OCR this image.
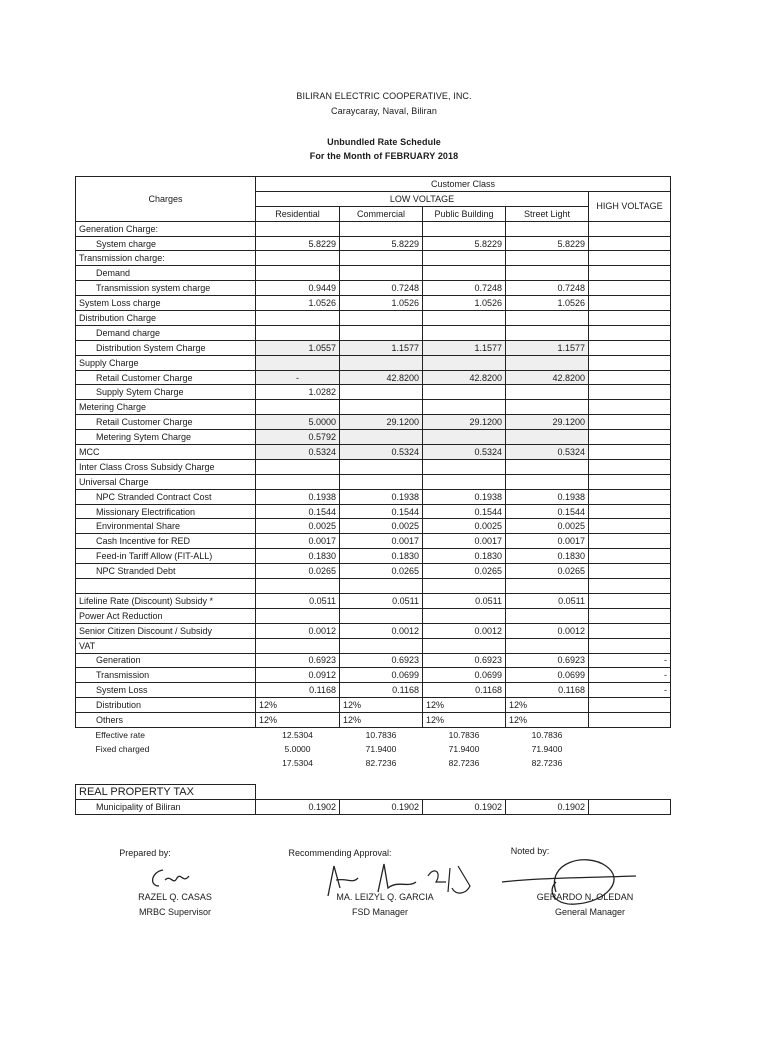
BILIRAN ELECTRIC COOPERATIVE, INC.
Caraycaray, Naval, Biliran
Unbundled Rate Schedule
For the Month of FEBRUARY 2018
Charges	Customer Class				
	LOW VOLTAGE				HIGH VOLTAGE
	Residential	Commercial	Public Building	Street Light	
Generation Charge:					
System charge	5.8229	5.8229	5.8229	5.8229	
Transmission charge:					
Demand					
Transmission system charge	0.9449	0.7248	0.7248	0.7248	
System Loss charge	1.0526	1.0526	1.0526	1.0526	
Distribution Charge					
Demand charge					
Distribution System Charge	1.0557	1.1577	1.1577	1.1577	
Supply Charge					
Retail Customer Charge	-	42.8200	42.8200	42.8200	
Supply Sytem Charge	1.0282				
Metering Charge					
Retail Customer Charge	5.0000	29.1200	29.1200	29.1200	
Metering Sytem Charge	0.5792				
MCC	0.5324	0.5324	0.5324	0.5324	
Inter Class Cross Subsidy Charge					
Universal Charge					
NPC Stranded Contract Cost	0.1938	0.1938	0.1938	0.1938	
Missionary Electrification	0.1544	0.1544	0.1544	0.1544	
Environmental Share	0.0025	0.0025	0.0025	0.0025	
Cash Incentive for RED	0.0017	0.0017	0.0017	0.0017	
Feed-in Tariff Allow (FIT-ALL)	0.1830	0.1830	0.1830	0.1830	
NPC Stranded Debt	0.0265	0.0265	0.0265	0.0265	

Lifeline Rate (Discount) Subsidy *	0.0511	0.0511	0.0511	0.0511	
Power Act Reduction					
Senior Citizen Discount / Subsidy	0.0012	0.0012	0.0012	0.0012	
VAT					
Generation	0.6923	0.6923	0.6923	0.6923	-
Transmission	0.0912	0.0699	0.0699	0.0699	-
System Loss	0.1168	0.1168	0.1168	0.1168	-
Distribution	12%	12%	12%	12%	
Others	12%	12%	12%	12%	
Effective rate	12.5304	10.7836	10.7836	10.7836	
Fixed charged	5.0000	71.9400	71.9400	71.9400	
	17.5304	82.7236	82.7236	82.7236	
REAL PROPERTY TAX					
Municipality of Biliran	0.1902	0.1902	0.1902	0.1902	
Prepared by:
RAZEL Q. CASAS
MRBC Supervisor
Recommending Approval:
MA. LEIZYL Q. GARCIA
FSD Manager
Noted by:
GERARDO N. OLEDAN
General Manager
